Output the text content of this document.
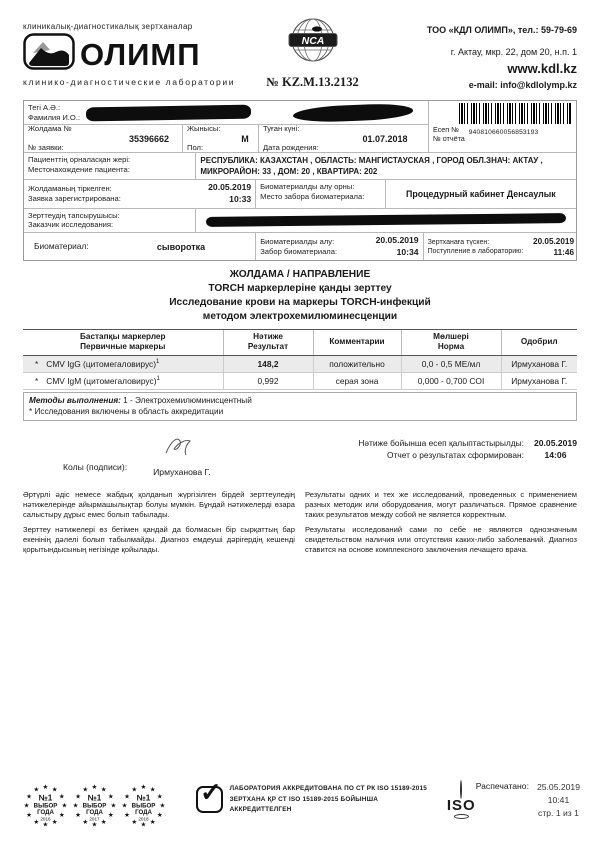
клиникалық-диагностикалық зертханалар
ОЛИМП
клинико-диагностические лаборатории
NCA
№ KZ.M.13.2132
ТОО «КДЛ ОЛИМП», тел.: 59-79-69
г. Актау, мкр. 22, дом 20, н.п. 1
www.kdl.kz
e-mail: info@kdlolymp.kz
Тегі А.Ә.:
Фамилия И.О.:
Жолдама №

№ заявки:
35396662
Жынысы:

Пол:
М
Туған күні:

Дата рождения:
01.07.2018
Есеп №
№ отчёта
940810660056853193
Пациенттің орналасқан жері:
Местонахождение пациента:
РЕСПУБЛИКА: КАЗАХСТАН , ОБЛАСТЬ: МАНГИСТАУСКАЯ , ГОРОД ОБЛ.ЗНАЧ: АКТАУ , МИКРОРАЙОН: 33 , ДОМ: 20 , КВАРТИРА: 202
Жолдаманың тіркелген:
Заявка зарегистрирована:
20.05.2019
10:33
Биоматериалды алу орны:
Место забора биоматериала:	Процедурный кабинет Денсаулык
Зерттеудің тапсырушысы:
Заказчик исследования:
Биоматериал:	сыворотка
Биоматериалды алу:
Забор биоматериала:
20.05.2019
10:34
Зертханаға түскен:
Поступление в лабораторию:
20.05.2019
11:46
ЖОЛДАМА / НАПРАВЛЕНИЕ
TORCH маркерлеріне қанды зерттеу
Исследование крови на маркеры TORCH-инфекций
методом электрохемилюминесценции
Бастапқы маркерлер
Первичные маркеры	Нәтиже
Результат	Комментарии	Мөлшері
Норма	Одобрил

* CMV IgG (цитомегаловирус)$^1$	148,2	положительно	0,0 - 0,5 МЕ/мл	Ирмуханова Г.

* CMV IgM (цитомегаловирус)$^1$	0,992	серая зона	0,000 - 0,700 COI	Ирмуханова Г.
Методы выполнения: 1 - Электрохемилюминисцентный
* Исследования включены в область аккредитации
Колы (подписи):	Ирмуханова Г.
Нәтиже бойынша есеп қалыптастырылды:
Отчет о результатах сформирован:
20.05.2019
14:06

Әртүрлі әдіс немесе жабдық қолданып жүргізілген бірдей зерттеуледің нәтижелерінде айырмашылықтар болуы мүмкін. Бұндай нәтижелерді өзара салыстыру дұрыс емес болып табылады.

Зерттеу нәтижелері өз бетімен қандай да болмасын бір сырқаттың бар екенінің дәлелі болып табылмайды. Диагноз емдеуші дәрігердің кешенді қорытындысының негізінде қойылады.

Результаты одних и тех же исследований, проведенных с применением разных методик или оборудования, могут различаться. Прямое сравнение таких результатов между собой не является корректным.

Результаты исследований сами по себе не являются однозначным свидетельством наличия или отсутствия каких-либо заболеваний. Диагноз ставится на основе комплексного заключения лечащего врача.

★ ★
★
★
★
★
★
★
★
★
★
★
№1
ВЫБОР
ГОДА
2016
★ ★
★
★
★
★
★
★
★
★
★
★
№1
ВЫБОР
ГОДА
2017
★ ★
★
★
★
★
★
★
★
★
★
★
№1
ВЫБОР
ГОДА
2018
✓ ЛАБОРАТОРИЯ АККРЕДИТОВАНА ПО СТ РК ISO 15189-2015
ЗЕРТХАНА ҚР СТ ISO 15189-2015 БОЙЫНША АККРЕДИТТЕЛГЕН	ISO
Распечатано: 25.05.2019
10:41
стр. 1 из 1
